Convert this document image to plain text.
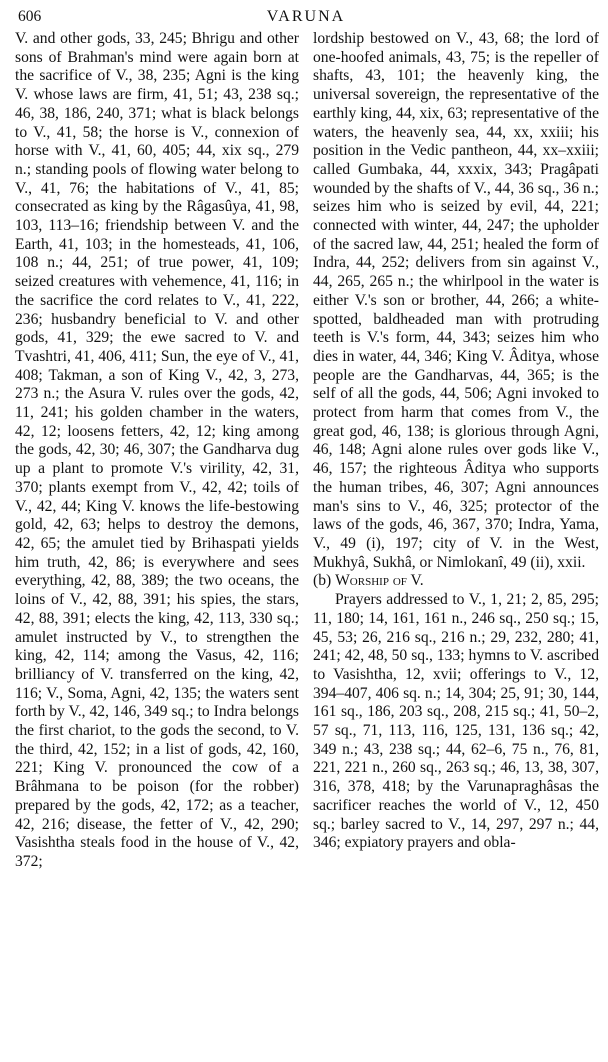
606	VARUNA

V. and other gods, 33, 245; Bhrigu and other sons of Brahman's mind were again born at the sacrifice of V., 38, 235; Agni is the king V. whose laws are firm, 41, 51; 43, 238 sq.; 46, 38, 186, 240, 371; what is black belongs to V., 41, 58; the horse is V., connexion of horse with V., 41, 60, 405; 44, xix sq., 279 n.; standing pools of flowing water belong to V., 41, 76; the habitations of V., 41, 85; consecrated as king by the Râgasûya, 41, 98, 103, 113–16; friendship between V. and the Earth, 41, 103; in the homesteads, 41, 106, 108 n.; 44, 251; of true power, 41, 109; seized creatures with vehemence, 41, 116; in the sacrifice the cord relates to V., 41, 222, 236; husbandry beneficial to V. and other gods, 41, 329; the ewe sacred to V. and Tvashtri, 41, 406, 411; Sun, the eye of V., 41, 408; Takman, a son of King V., 42, 3, 273, 273 n.; the Asura V. rules over the gods, 42, 11, 241; his golden chamber in the waters, 42, 12; loosens fetters, 42, 12; king among the gods, 42, 30; 46, 307; the Gandharva dug up a plant to promote V.'s virility, 42, 31, 370; plants exempt from V., 42, 42; toils of V., 42, 44; King V. knows the life-bestowing gold, 42, 63; helps to destroy the demons, 42, 65; the amulet tied by Brihaspati yields him truth, 42, 86; is everywhere and sees everything, 42, 88, 389; the two oceans, the loins of V., 42, 88, 391; his spies, the stars, 42, 88, 391; elects the king, 42, 113, 330 sq.; amulet instructed by V., to strengthen the king, 42, 114; among the Vasus, 42, 116; brilliancy of V. transferred on the king, 42, 116; V., Soma, Agni, 42, 135; the waters sent forth by V., 42, 146, 349 sq.; to Indra belongs the first chariot, to the gods the second, to V. the third, 42, 152; in a list of gods, 42, 160, 221; King V. pronounced the cow of a Brâhmana to be poison (for the robber) prepared by the gods, 42, 172; as a teacher, 42, 216; disease, the fetter of V., 42, 290; Vasishtha steals food in the house of V., 42, 372;

lordship bestowed on V., 43, 68; the lord of one-hoofed animals, 43, 75; is the repeller of shafts, 43, 101; the heavenly king, the universal sovereign, the representative of the earthly king, 44, xix, 63; representative of the waters, the heavenly sea, 44, xx, xxiii; his position in the Vedic pantheon, 44, xx–xxiii; called Gumbaka, 44, xxxix, 343; Pragâpati wounded by the shafts of V., 44, 36 sq., 36 n.; seizes him who is seized by evil, 44, 221; connected with winter, 44, 247; the upholder of the sacred law, 44, 251; healed the form of Indra, 44, 252; delivers from sin against V., 44, 265, 265 n.; the whirlpool in the water is either V.'s son or brother, 44, 266; a white-spotted, baldheaded man with protruding teeth is V.'s form, 44, 343; seizes him who dies in water, 44, 346; King V. Âditya, whose people are the Gandharvas, 44, 365; is the self of all the gods, 44, 506; Agni invoked to protect from harm that comes from V., the great god, 46, 138; is glorious through Agni, 46, 148; Agni alone rules over gods like V., 46, 157; the righteous Âditya who supports the human tribes, 46, 307; Agni announces man's sins to V., 46, 325; protector of the laws of the gods, 46, 367, 370; Indra, Yama, V., 49 (i), 197; city of V. in the West, Mukhyâ, Sukhâ, or Nimlokanî, 49 (ii), xxii.

(b) Worship of V.

Prayers addressed to V., 1, 21; 2, 85, 295; 11, 180; 14, 161, 161 n., 246 sq., 250 sq.; 15, 45, 53; 26, 216 sq., 216 n.; 29, 232, 280; 41, 241; 42, 48, 50 sq., 133; hymns to V. ascribed to Vasishtha, 12, xvii; offerings to V., 12, 394–407, 406 sq. n.; 14, 304; 25, 91; 30, 144, 161 sq., 186, 203 sq., 208, 215 sq.; 41, 50–2, 57 sq., 71, 113, 116, 125, 131, 136 sq.; 42, 349 n.; 43, 238 sq.; 44, 62–6, 75 n., 76, 81, 221, 221 n., 260 sq., 263 sq.; 46, 13, 38, 307, 316, 378, 418; by the Varunapraghâsas the sacrificer reaches the world of V., 12, 450 sq.; barley sacred to V., 14, 297, 297 n.; 44, 346; expiatory prayers and obla-
